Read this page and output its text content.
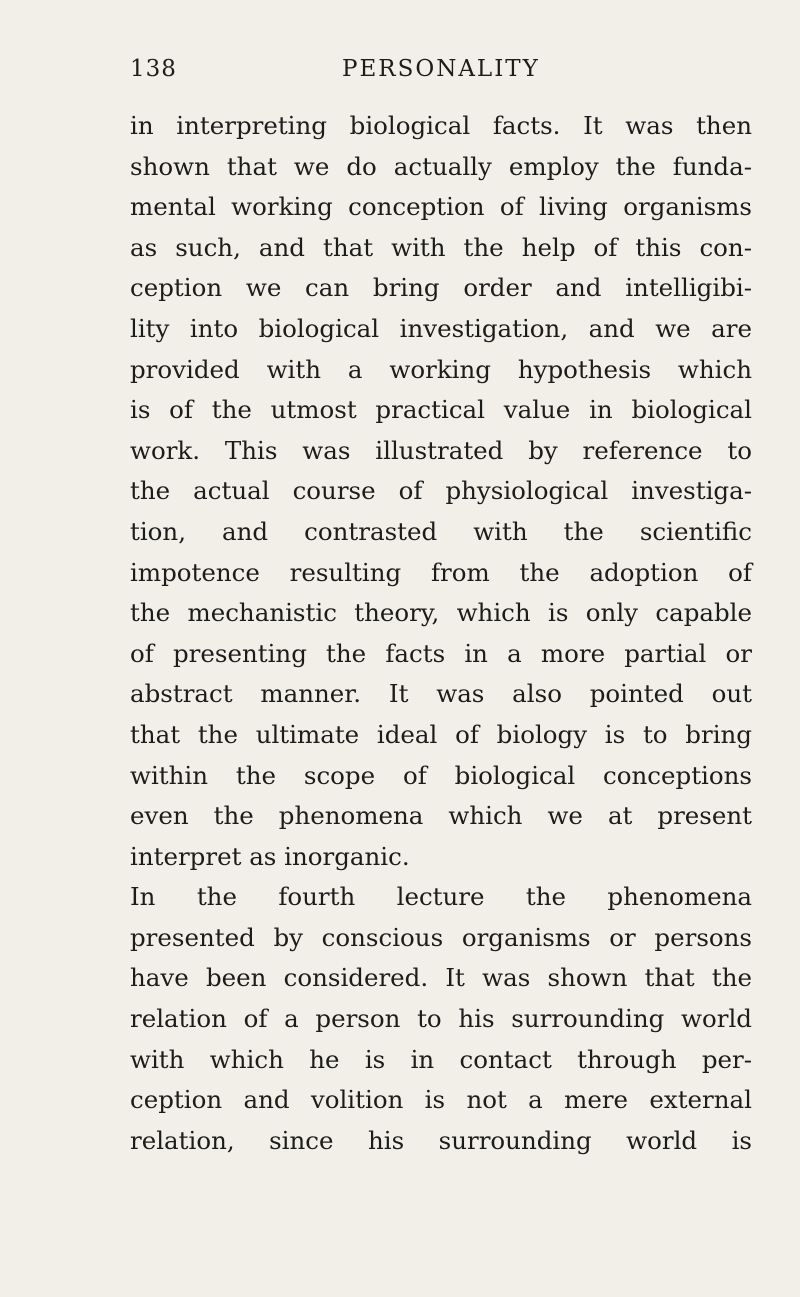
138	PERSONALITY
in interpreting biological facts. It was then
shown that we do actually employ the funda-
mental working conception of living organisms
as such, and that with the help of this con-
ception we can bring order and intelligibi-
lity into biological investigation, and we are
provided with a working hypothesis which
is of the utmost practical value in biological
work. This was illustrated by reference to
the actual course of physiological investiga-
tion, and contrasted with the scientific
impotence resulting from the adoption of
the mechanistic theory, which is only capable
of presenting the facts in a more partial or
abstract manner. It was also pointed out
that the ultimate ideal of biology is to bring
within the scope of biological conceptions
even the phenomena which we at present
interpret as inorganic.
In the fourth lecture the phenomena
presented by conscious organisms or persons
have been considered. It was shown that the
relation of a person to his surrounding world
with which he is in contact through per-
ception and volition is not a mere external
relation, since his surrounding world is
